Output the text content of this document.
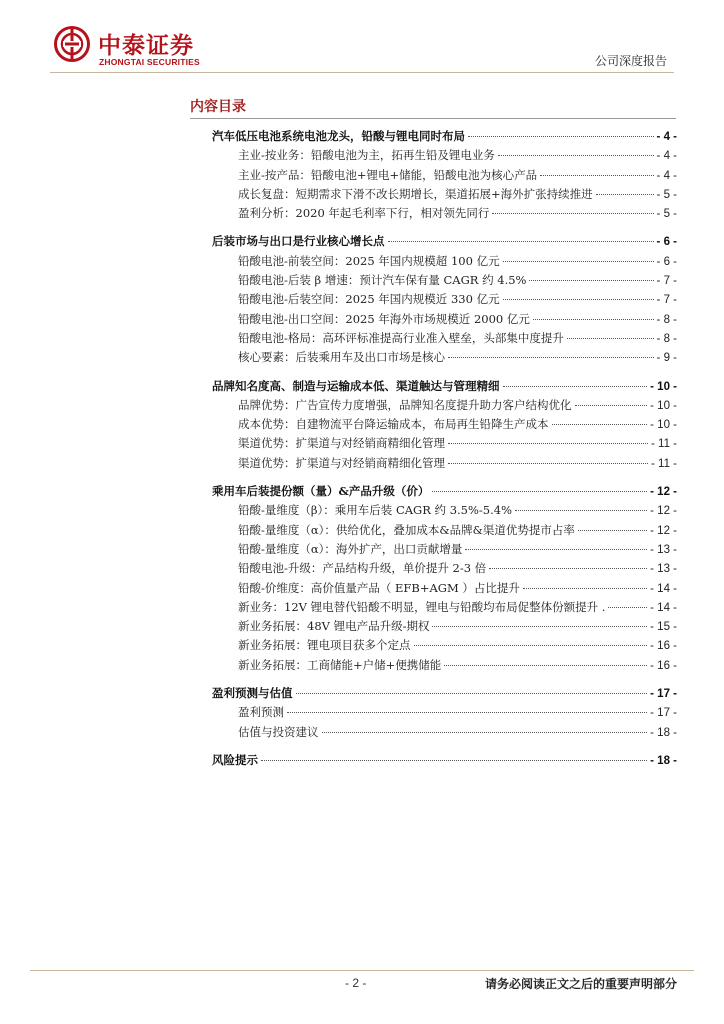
中泰证券
ZHONGTAI SECURITIES	公司深度报告
内容目录
汽车低压电池系统电池龙头，铅酸与锂电同时布局	- 4 -
主业-按业务：铅酸电池为主，拓再生铅及锂电业务	- 4 -
主业-按产品：铅酸电池+锂电+储能，铅酸电池为核心产品	- 4 -
成长复盘：短期需求下滑不改长期增长，渠道拓展+海外扩张持续推进	- 5 -
盈利分析：2020 年起毛利率下行，相对领先同行	- 5 -
后装市场与出口是行业核心增长点	- 6 -
铅酸电池-前装空间：2025 年国内规模超 100 亿元	- 6 -
铅酸电池-后装 β 增速：预计汽车保有量 CAGR 约 4.5%	- 7 -
铅酸电池-后装空间：2025 年国内规模近 330 亿元	- 7 -
铅酸电池-出口空间：2025 年海外市场规模近 2000 亿元	- 8 -
铅酸电池-格局：高环评标准提高行业准入壁垒，头部集中度提升	- 8 -
核心要素：后装乘用车及出口市场是核心	- 9 -
品牌知名度高、制造与运输成本低、渠道触达与管理精细	- 10 -
品牌优势：广告宣传力度增强，品牌知名度提升助力客户结构优化	- 10 -
成本优势：自建物流平台降运输成本，布局再生铅降生产成本	- 10 -
渠道优势：扩渠道与对经销商精细化管理	- 11 -
渠道优势：扩渠道与对经销商精细化管理	- 11 -
乘用车后装提份额（量）&产品升级（价）	- 12 -
铅酸-量维度（β）：乘用车后装 CAGR 约 3.5%-5.4%	- 12 -
铅酸-量维度（α）：供给优化，叠加成本&品牌&渠道优势提市占率	- 12 -
铅酸-量维度（α）：海外扩产，出口贡献增量	- 13 -
铅酸电池-升级：产品结构升级，单价提升 2-3 倍	- 13 -
铅酸-价维度：高价值量产品（ EFB+AGM ）占比提升	- 14 -
新业务：12V 锂电替代铅酸不明显，锂电与铅酸均布局促整体份额提升 .	- 14 -
新业务拓展：48V 锂电产品升级-期权	- 15 -
新业务拓展：锂电项目获多个定点	- 16 -
新业务拓展：工商储能+户储+便携储能	- 16 -
盈利预测与估值	- 17 -
盈利预测	- 17 -
估值与投资建议	- 18 -
风险提示	- 18 -
- 2 -	请务必阅读正文之后的重要声明部分
